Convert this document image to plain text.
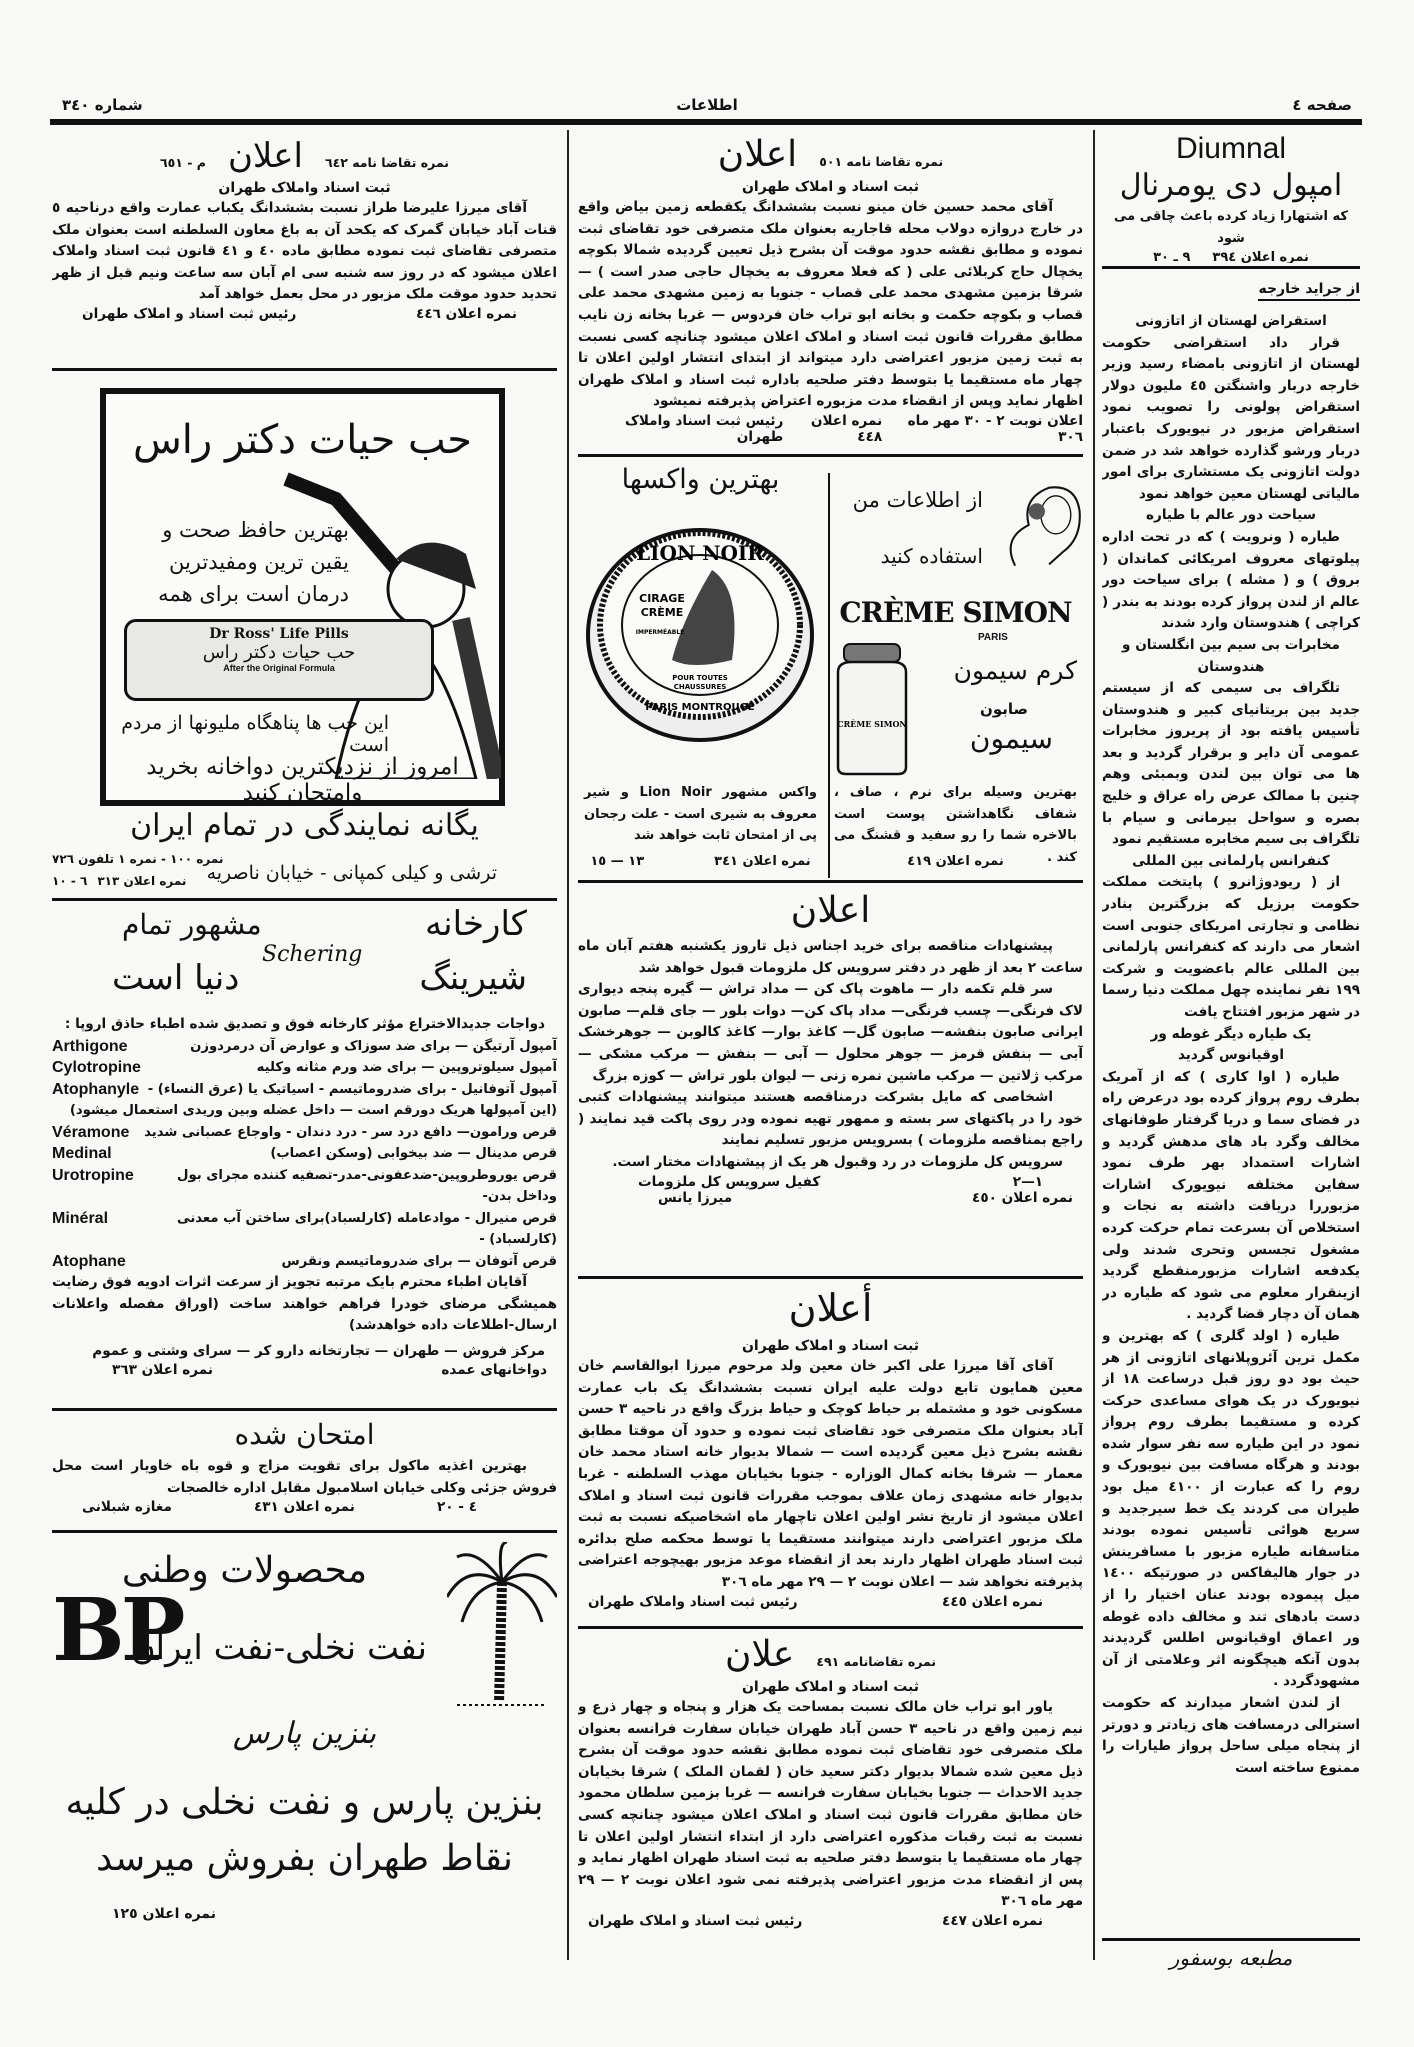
صفحه ٤
اطلاعات
شماره ٣٤٠
Diumnal
امپول دی یومرنال
که اشتهارا زیاد کرده باعث چاقی می شود
نمره اعلان ٣٩٤
٩ ـ ٣٠
از جراید خارجه
استقراض لهستان از اتازونی
قرار داد استقراضی حکومت لهستان از اتازونی بامضاء رسید وزیر خارجه دربار واشنگتن ٤٥ ملیون دولار استقراض پولونی را تصویب نمود استقراض مزبور در نیویورک باعتبار دربار ورشو گذارده خواهد شد در ضمن دولت اتازونی یک مستشاری برای امور مالیاتی لهستان معین خواهد نمود
سیاحت دور عالم با طیاره
طیاره ( ونرویت ) که در تحت اداره پیلوتهای معروف امریکائی کماندان ( بروق ) و ( مشله ) برای سیاحت دور عالم از لندن پرواز کرده بودند به بندر ( کراچی ) هندوستان وارد شدند
مخابرات بی سیم بین انگلستان و هندوستان
تلگراف بی سیمی که از سیستم جدید بین بریتانیای کبیر و هندوستان تأسیس یافته بود از پریروز مخابرات عمومی آن دایر و برقرار گردید و بعد ها می توان بین لندن وبمبئی وهم چنین با ممالک عرض راه عراق و خلیج بصره و سواحل بیرمانی و سیام با تلگراف بی سیم مخابره مستقیم نمود
کنفرانس پارلمانی بین المللی
از ( ریودوژانرو ) پایتخت مملکت حکومت برزیل که بزرگترین بنادر نظامی و تجارتی امریکای جنوبی است اشعار می دارند که کنفرانس پارلمانی بین المللی عالم باعضویت و شرکت ١٩٩ نفر نماینده چهل مملکت دنیا رسما در شهر مزبور افتتاح یافت
یک طیاره دیگر غوطه ور اوقیانوس گردید
طیاره ( اوا کاری ) که از آمریک بطرف روم پرواز کرده بود درعرض راه در فضای سما و دریا گرفتار طوفانهای مخالف وگرد باد های مدهش گردید و اشارات استمداد بهر طرف نمود سفاین مختلفه نیویورک اشارات مزبوررا دریافت داشته به نجات و استخلاص آن بسرعت تمام حرکت کرده مشغول تجسس وتحری شدند ولی یکدفعه اشارات مزبورمنقطع گردید ازینقرار معلوم می شود که طیاره در همان آن دچار قضا گردید .
طیاره ( اولد گلری ) که بهترین و مکمل ترین آئروپلانهای اتازونی از هر حیث بود دو روز قبل درساعت ١٨ از نیویورک در یک هوای مساعدی حرکت کرده و مستقیما بطرف روم پرواز نمود در این طیاره سه نفر سوار شده بودند و هرگاه مسافت بین نیویورک و روم را که عبارت از ٤١٠٠ میل بود طیران می کردند یک خط سیرجدید و سریع هوائی تأسیس نموده بودند متاسفانه طیاره مزبور با مسافرینش در جوار هالیفاکس در صورتیکه ١٤٠٠ میل پیموده بودند عنان اختیار را از دست بادهای تند و مخالف داده غوطه ور اعماق اوقیانوس اطلس گردیدند بدون آنکه هیچگونه اثر وعلامتی از آن مشهودگردد .
از لندن اشعار میدارند که حکومت استرالی درمسافت های زیادتر و دورتر از پنجاه میلی ساحل پرواز طیارات را ممنوع ساخته است
مطبعه بوسفور
نمره تقاضا نامه ٥٠١
اعلان
ثبت اسناد و املاک طهران
آقای محمد حسین خان مینو نسبت بششدانگ یکقطعه زمین بیاض واقع در خارج دروازه دولاب محله قاجاریه بعنوان ملک متصرفی خود تقاضای ثبت نموده و مطابق نقشه حدود موقت آن بشرح ذیل تعیین گردیده شمالا بکوچه یخچال حاج کربلائی علی ( که فعلا معروف به یخچال حاجی صدر است ) — شرقا بزمین مشهدی محمد علی قصاب - جنوبا به زمین مشهدی محمد علی قصاب و بکوچه حکمت و بخانه ابو تراب خان فردوس — غربا بخانه زن نایب مطابق مقررات قانون ثبت اسناد و املاک اعلان میشود چنانچه کسی نسبت به ثبت زمین مزبور اعتراضی دارد میتواند از ابتدای انتشار اولین اعلان تا چهار ماه مستقیما یا بتوسط دفتر صلحیه باداره ثبت اسناد و املاک طهران اظهار نماید وپس از انقضاء مدت مزبوره اعتراض پذیرفته نمیشود
اعلان نوبت ٢ - ٣٠ مهر ماه ٣٠٦
نمره اعلان ٤٤٨
رئیس ثبت اسناد واملاک طهران
از اطلاعات من
استفاده کنید
CRÈME SIMON
CRÈME SIMON
PARIS
کرم سیمون
صابون
سیمون
بهترین وسیله برای نرم ، صاف ، شفاف نگاهداشتن پوست است بالاخره شما را رو سفید و قشنگ می کند .
نمره اعلان ٤١٩
بهترین واکسها
LION NOIR
CIRAGE
CRÈME
IMPERMÉABLE
POUR TOUTES
CHAUSSURES
PARIS MONTROUGE
واکس مشهور Lion Noir و شیر معروف به شیری است - علت رجحان پی از امتحان ثابت خواهد شد
نمره اعلان ٣٤١
١٣ — ١٥
اعلان
پیشنهادات مناقصه برای خرید اجناس ذیل تاروز یکشنبه هفتم آبان ماه ساعت ٢ بعد از ظهر در دفتر سرویس کل ملزومات قبول خواهد شد
سر قلم تکمه دار — ماهوت پاک کن — مداد تراش — گیره پنجه دیواری لاک فرنگی— چسب فرنگی— مداد پاک کن— دوات بلور — جای قلم— صابون ایرانی صابون بنفشه— صابون گل— کاغذ بوار— کاغذ کالوبن — جوهرخشک آبی — بنفش قرمز — جوهر محلول — آبی — بنفش — مرکب مشکی — مرکب ژلاتین — مرکب ماشین نمره زنی — لیوان بلور تراش — کوزه بزرگ
اشخاصی که مایل بشرکت درمناقصه هستند میتوانند پیشنهادات کتبی خود را در پاکتهای سر بسته و ممهور تهیه نموده ودر روی پاکت قید نمایند ( راجع بمناقصه ملزومات ) بسرویس مزبور تسلیم نمایند
سرویس کل ملزومات در رد وقبول هر یک از پیشنهادات مختار است.
١—٢
کفیل سرویس کل ملزومات
نمره اعلان ٤٥٠
میرزا یانس
أعلان
ثبت اسناد و املاک طهران
آقای آقا میرزا علی اکبر خان معین ولد مرحوم میرزا ابوالقاسم خان معین همایون تابع دولت علیه ایران نسبت بششدانگ یک باب عمارت مسکونی خود و مشتمله بر حیاط کوچک و حیاط بزرگ واقع در ناحیه ٣ حسن آباد بعنوان ملک متصرفی خود تقاضای ثبت نموده و حدود آن موقتا مطابق نقشه بشرح ذیل معین گردیده است — شمالا بدیوار خانه استاد محمد خان معمار — شرقا بخانه کمال الوزاره - جنوبا بخیابان مهذب السلطنه - غربا بدیوار خانه مشهدی زمان علاف بموجب مقررات قانون ثبت اسناد و املاک اعلان میشود از تاریخ نشر اولین اعلان تاچهار ماه اشخاصیکه نسبت به ثبت ملک مزبور اعتراضی دارند میتوانند مستقیما یا توسط محکمه صلح بدائره ثبت اسناد طهران اظهار دارند بعد از انقضاء موعد مزبور بهیچوجه اعتراضی پذیرفته نخواهد شد — اعلان نوبت ٢ — ٢٩ مهر ماه ٣٠٦
نمره اعلان ٤٤٥
رئیس ثبت اسناد واملاک طهران
نمره تقاضانامه ٤٩١
علان
ثبت اسناد و املاک طهران
یاور ابو تراب خان مالک نسبت بمساحت یک هزار و پنجاه و چهار ذرع و نیم زمین واقع در ناحیه ٣ حسن آباد طهران خیابان سفارت فرانسه بعنوان ملک متصرفی خود تقاضای ثبت نموده مطابق نقشه حدود موقت آن بشرح ذیل معین شده شمالا بدیوار دکتر سعید خان ( لقمان الملک ) شرقا بخیابان جدید الاحداث — جنوبا بخیابان سفارت فرانسه — غربا بزمین سلطان محمود خان مطابق مقررات قانون ثبت اسناد و املاک اعلان میشود چنانچه کسی نسبت به ثبت رقبات مذکوره اعتراضی دارد از ابتداء انتشار اولین اعلان تا چهار ماه مستقیما یا بتوسط دفتر صلحیه به ثبت اسناد طهران اظهار نماید و پس از انقضاء مدت مزبور اعتراضی پذیرفته نمی شود اعلان نوبت ٢ — ٢٩ مهر ماه ٣٠٦
نمره اعلان ٤٤٧
رئیس ثبت اسناد و املاک طهران
نمره تقاضا نامه ٦٤٢
اعلان
م - ٦٥١
ثبت اسناد واملاک طهران
آقای میرزا علیرضا طراز نسبت بششدانگ یکباب عمارت واقع درناحیه ٥ قنات آباد خیابان گمرک که یکحد آن به باغ معاون السلطنه است بعنوان ملک متصرفی تقاضای ثبت نموده مطابق ماده ٤٠ و ٤١ قانون ثبت اسناد واملاک اعلان میشود که در روز سه شنبه سی ام آبان سه ساعت ونیم قبل از ظهر تحدید حدود موقت ملک مزبور در محل بعمل خواهد آمد
نمره اعلان ٤٤٦
رئیس ثبت اسناد و املاک طهران
حب حیات دکتر راس
بهترین حافظ صحت و
یقین ترین ومفیدترین
درمان است برای همه
Dr Ross' Life Pills
حب حیات دکتر راس
After the Original Formula
این حب ها پناهگاه ملیونها از مردم است
امروز از نزدیکترین دواخانه بخرید وامتحان کنید
یگانه نمایندگی در تمام ایران
ترشی و کیلی کمپانی - خیابان ناصریه
نمره ١٠٠ - نمره ١ تلفون ٧٢٦
نمره اعلان ٣١٣
٦ - ١٠
کارخانه
مشهور تمام
شیرینگ
دنیا است
Schering
دواجات جدیدالاختراع مؤثر کارخانه فوق و تصدیق شده اطباء حاذق اروپا :
آمپول آرتیگن — برای ضد سوزاک و عوارض آن درمردوزن
Arthigone
آمپول سیلوتروپین — برای ضد ورم مثانه وکلیه
Cylotropine
آمپول آتوفانیل - برای ضدروماتیسم - اسیاتیک یا (عرق النساء) -
Atophanyle
(این آمپولها هریک دورقم است — داخل عضله وبین وریدی استعمال میشود)
قرص ورامون— دافع درد سر - درد دندان - واوجاع عصبانی شدید
Véramone
قرص مدینال — ضد بیخوابی (وسکن اعصاب)
Medinal
قرص یوروطروپین-ضدعفونی-مدر-تصفیه کننده مجرای بول وداخل بدن-
Urotropine
قرص منیرال - موادعامله (کارلسباد)برای ساختن آب معدنی (کارلسباد) -
Minéral
قرص آتوفان — برای ضدروماتیسم ونقرس
Atophane
آقایان اطباء محترم بایک مرتبه تجویز از سرعت اثرات ادویه فوق رضایت همیشگی مرضای خودرا فراهم خواهند ساخت (اوراق مفصله واعلانات ارسال-اطلاعات داده خواهدشد)
مرکز فروش — طهران — تجارتخانه دارو کر — سرای وشتی و عموم
دواخانهای عمده
نمره اعلان ٣٦٣
امتحان شده
بهترین اغذیه ماکول برای تقویت مزاج و قوه باه خاویار است محل فروش جزئی وکلی خیابان اسلامبول مقابل اداره خالصجات
٤ - ٢٠
نمره اعلان ٤٣١
مغازه شبلانی
محصولات وطنی
BP
نفت نخلی-نفت ایران
بنزین پارس
بنزین پارس و نفت نخلی در کلیه
نقاط طهران بفروش میرسد
نمره اعلان ١٢٥
